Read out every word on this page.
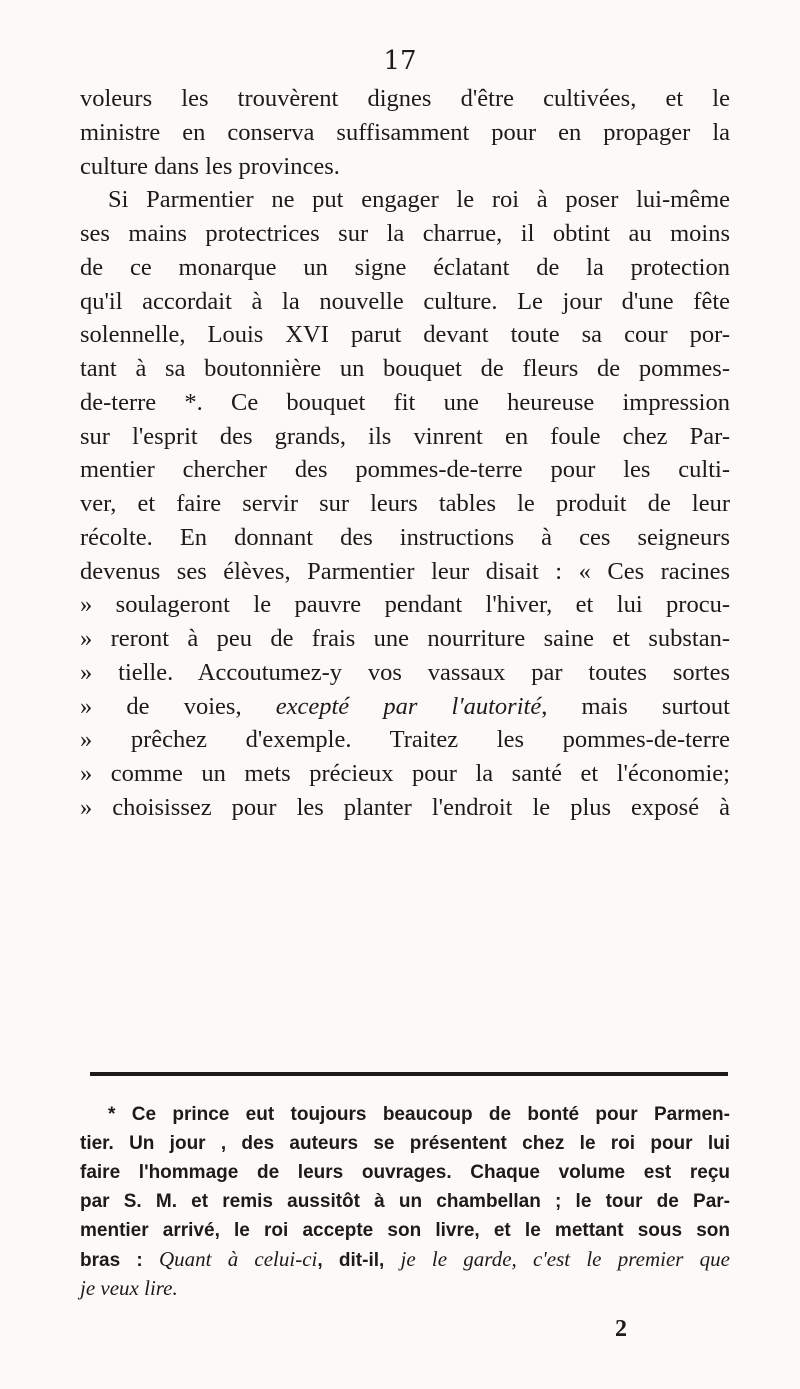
17
voleurs les trouvèrent dignes d'être cultivées, et le
ministre en conserva suffisamment pour en propager la
culture dans les provinces.
Si Parmentier ne put engager le roi à poser lui-même
ses mains protectrices sur la charrue, il obtint au moins
de ce monarque un signe éclatant de la protection
qu'il accordait à la nouvelle culture. Le jour d'une fête
solennelle, Louis XVI parut devant toute sa cour por-
tant à sa boutonnière un bouquet de fleurs de pommes-
de-terre *. Ce bouquet fit une heureuse impression
sur l'esprit des grands, ils vinrent en foule chez Par-
mentier chercher des pommes-de-terre pour les culti-
ver, et faire servir sur leurs tables le produit de leur
récolte. En donnant des instructions à ces seigneurs
devenus ses élèves, Parmentier leur disait : « Ces racines
» soulageront le pauvre pendant l'hiver, et lui procu-
» reront à peu de frais une nourriture saine et substan-
» tielle. Accoutumez-y vos vassaux par toutes sortes
» de voies, excepté par l'autorité, mais surtout
» prêchez d'exemple. Traitez les pommes-de-terre
» comme un mets précieux pour la santé et l'économie;
» choisissez pour les planter l'endroit le plus exposé à
* Ce prince eut toujours beaucoup de bonté pour Parmen-
tier. Un jour , des auteurs se présentent chez le roi pour lui
faire l'hommage de leurs ouvrages. Chaque volume est reçu
par S. M. et remis aussitôt à un chambellan ; le tour de Par-
mentier arrivé, le roi accepte son livre, et le mettant sous son
bras : Quant à celui-ci, dit-il, je le garde, c'est le premier que
je veux lire.
2
